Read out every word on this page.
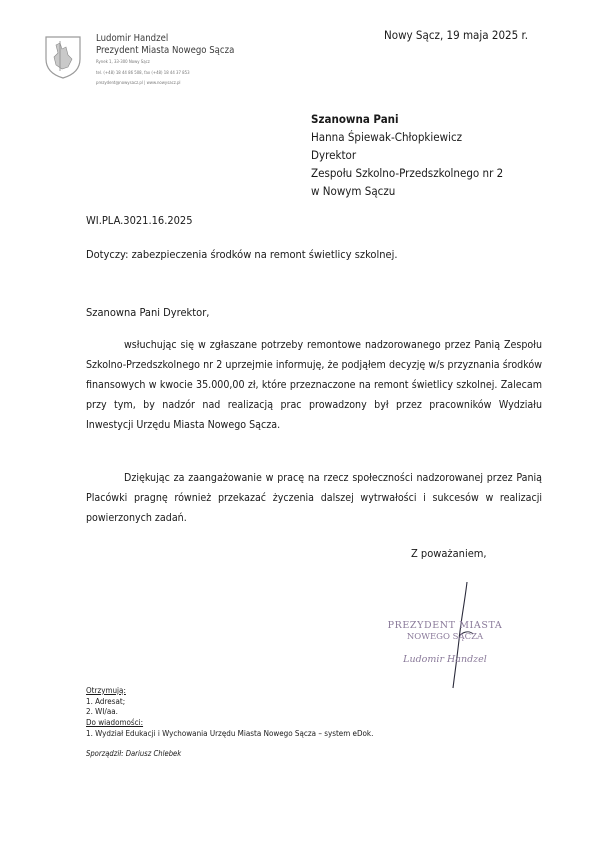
Ludomir Handzel
Prezydent Miasta Nowego Sącza
Rynek 1, 33-300 Nowy Sącz
tel. (+48) 18 44 86 508, fax (+48) 18 44 37 853
prezydent@nowysacz.pl | www.nowysacz.pl
Nowy Sącz, 19 maja 2025 r.
Szanowna Pani
Hanna Śpiewak-Chłopkiewicz
Dyrektor
Zespołu Szkolno-Przedszkolnego nr 2
w Nowym Sączu
WI.PLA.3021.16.2025
Dotyczy: zabezpieczenia środków na remont świetlicy szkolnej.
Szanowna Pani Dyrektor,

wsłuchując się w zgłaszane potrzeby remontowe nadzorowanego przez Panią Zespołu Szkolno-Przedszkolnego nr 2 uprzejmie informuję, że podjąłem decyzję w/s przyznania środków finansowych w kwocie 35.000,00 zł, które przeznaczone na remont świetlicy szkolnej. Zalecam przy tym, by nadzór nad realizacją prac prowadzony był przez pracowników Wydziału Inwestycji Urzędu Miasta Nowego Sącza.

Dziękując za zaangażowanie w pracę na rzecz społeczności nadzorowanej przez Panią Placówki pragnę również przekazać życzenia dalszej wytrwałości i sukcesów w realizacji powierzonych zadań.

Z poważaniem,
PREZYDENT MIASTA
NOWEGO SĄCZA
Ludomir Handzel
Otrzymują:
1. Adresat;
2. WI/aa.
Do wiadomości:
1. Wydział Edukacji i Wychowania Urzędu Miasta Nowego Sącza – system eDok.
Sporządził: Dariusz Chlebek
